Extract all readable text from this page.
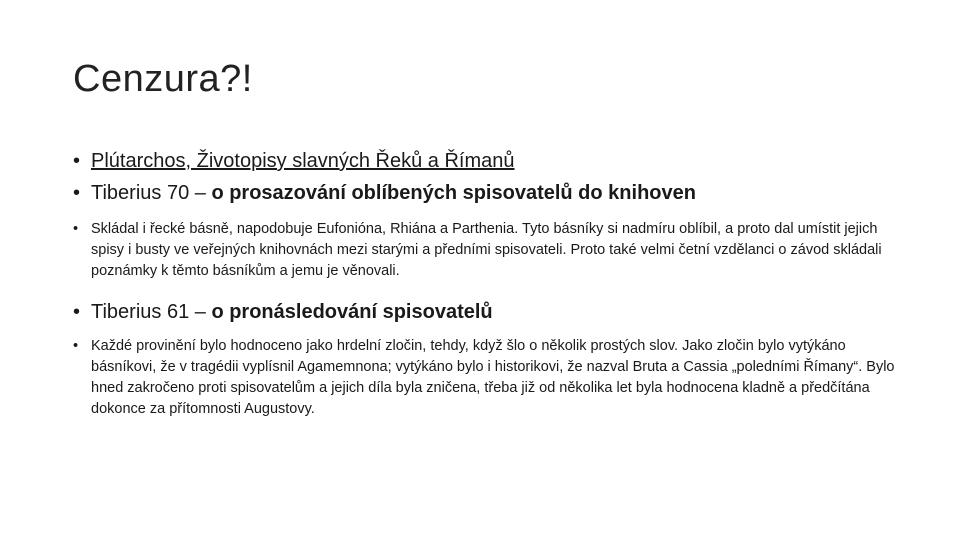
Cenzura?!
• Plútarchos, Životopisy slavných Řeků a Římanů
• Tiberius 70 – o prosazování oblíbených spisovatelů do knihoven
• Skládal i řecké básně, napodobuje Eufonióna, Rhiána a Parthenia. Tyto básníky si nadmíru oblíbil, a proto dal umístit jejich spisy i busty ve veřejných knihovnách mezi starými a předními spisovateli. Proto také velmi četní vzdělanci o závod skládali poznámky k těmto básníkům a jemu je věnovali.
• Tiberius 61 – o pronásledování spisovatelů
• Každé provinění bylo hodnoceno jako hrdelní zločin, tehdy, když šlo o několik prostých slov. Jako zločin bylo vytýkáno básníkovi, že v tragédii vyplísnil Agamemnona; vytýkáno bylo i historikovi, že nazval Bruta a Cassia „poledními Římany“. Bylo hned zakročeno proti spisovatelům a jejich díla byla zničena, třeba již od několika let byla hodnocena kladně a předčítána dokonce za přítomnosti Augustovy.
